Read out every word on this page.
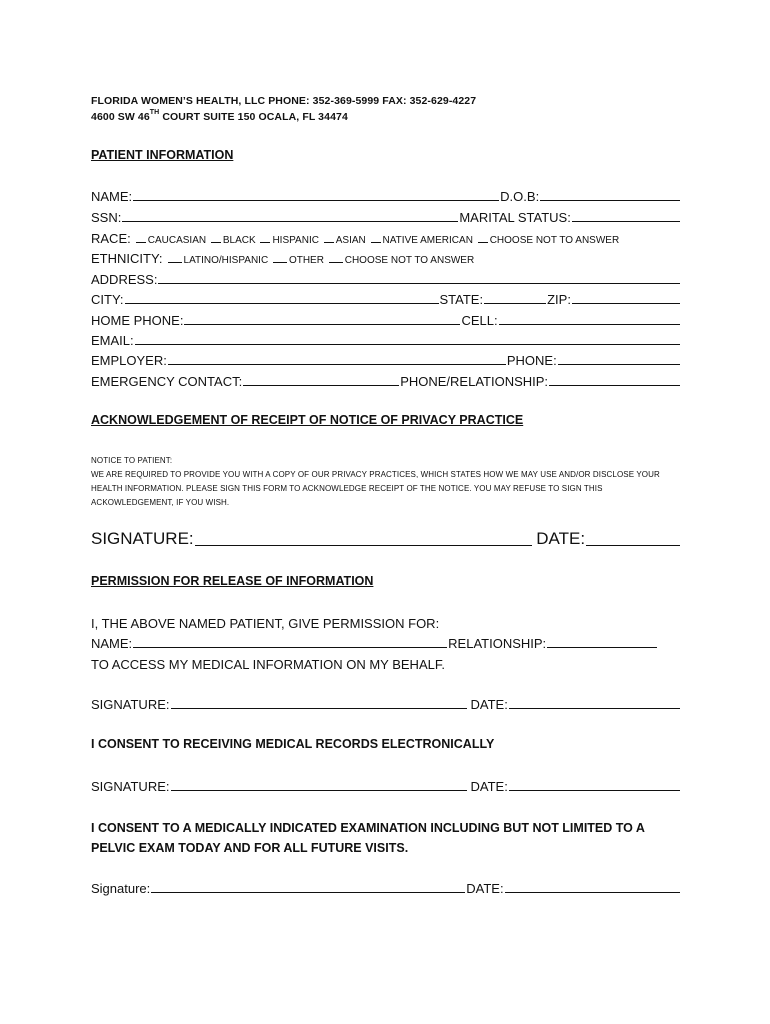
FLORIDA WOMEN’S HEALTH, LLC PHONE: 352-369-5999 FAX: 352-629-4227
4600 SW 46TH COURT SUITE 150 OCALA, FL 34474
PATIENT INFORMATION
NAME:	D.O.B:
SSN:	MARITAL STATUS:
RACE: CAUCASIAN
BLACK
HISPANIC
ASIAN
NATIVE AMERICAN
CHOOSE NOT TO ANSWER
ETHNICITY: LATINO/HISPANIC
OTHER
CHOOSE NOT TO ANSWER
ADDRESS:
CITY:	STATE:	ZIP:
HOME PHONE:	CELL:
EMAIL:
EMPLOYER:	PHONE:
EMERGENCY CONTACT:	PHONE/RELATIONSHIP:
ACKNOWLEDGEMENT OF RECEIPT OF NOTICE OF PRIVACY PRACTICE
NOTICE TO PATIENT:
WE ARE REQUIRED TO PROVIDE YOU WITH A COPY OF OUR PRIVACY PRACTICES, WHICH STATES HOW WE MAY USE AND/OR DISCLOSE YOUR
HEALTH INFORMATION. PLEASE SIGN THIS FORM TO ACKNOWLEDGE RECEIPT OF THE NOTICE. YOU MAY REFUSE TO SIGN THIS
ACKOWLEDGEMENT, IF YOU WISH.
SIGNATURE:	DATE:
PERMISSION FOR RELEASE OF INFORMATION
I, THE ABOVE NAMED PATIENT, GIVE PERMISSION FOR:
NAME:	RELATIONSHIP:
TO ACCESS MY MEDICAL INFORMATION ON MY BEHALF.
SIGNATURE:	DATE:
I CONSENT TO RECEIVING MEDICAL RECORDS ELECTRONICALLY
SIGNATURE:	DATE:
I CONSENT TO A MEDICALLY INDICATED EXAMINATION INCLUDING BUT NOT LIMITED TO A
PELVIC EXAM TODAY AND FOR ALL FUTURE VISITS.
Signature:	DATE:
